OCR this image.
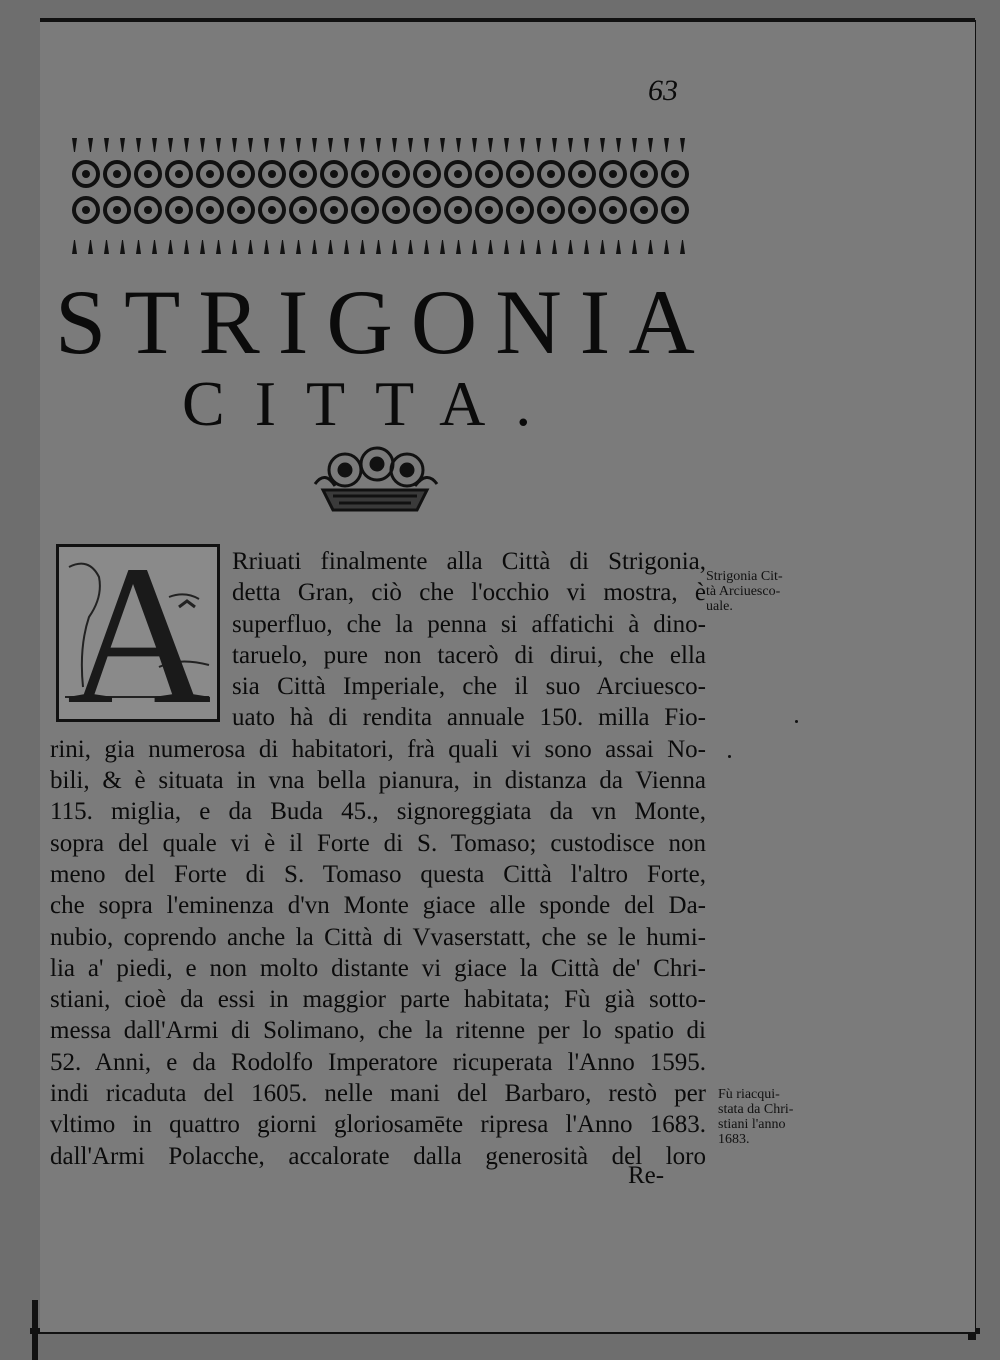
63
STRIGONIA
CITTA.
A Rriuati finalmente alla Città di Strigonia,
detta Gran, ciò che l'occhio vi mostra, è
superfluo, che la penna si affatichi à dino-
taruelo, pure non tacerò di dirui, che ella
sia Città Imperiale, che il suo Arciuesco-
uato hà di rendita annuale 150. milla Fio-
rini, gia numerosa di habitatori, frà quali vi sono assai No-
bili, & è situata in vna bella pianura, in distanza da Vienna
115. miglia, e da Buda 45., signoreggiata da vn Monte,
sopra del quale vi è il Forte di S. Tomaso; custodisce non
meno del Forte di S. Tomaso questa Città l'altro Forte,
che sopra l'eminenza d'vn Monte giace alle sponde del Da-
nubio, coprendo anche la Città di Vvaserstatt, che se le humi-
lia a' piedi, e non molto distante vi giace la Città de' Chri-
stiani, cioè da essi in maggior parte habitata; Fù già sotto-
messa dall'Armi di Solimano, che la ritenne per lo spatio di
52. Anni, e da Rodolfo Imperatore ricuperata l'Anno 1595.
indi ricaduta del 1605. nelle mani del Barbaro, restò per
vltimo in quattro giorni gloriosamēte ripresa l'Anno 1683.
dall'Armi Polacche, accalorate dalla generosità del loro
Re-
Strigonia Cit-
tà Arciuesco-
uale.
Fù riacqui-
stata da Chri-
stiani l'anno
1683.
